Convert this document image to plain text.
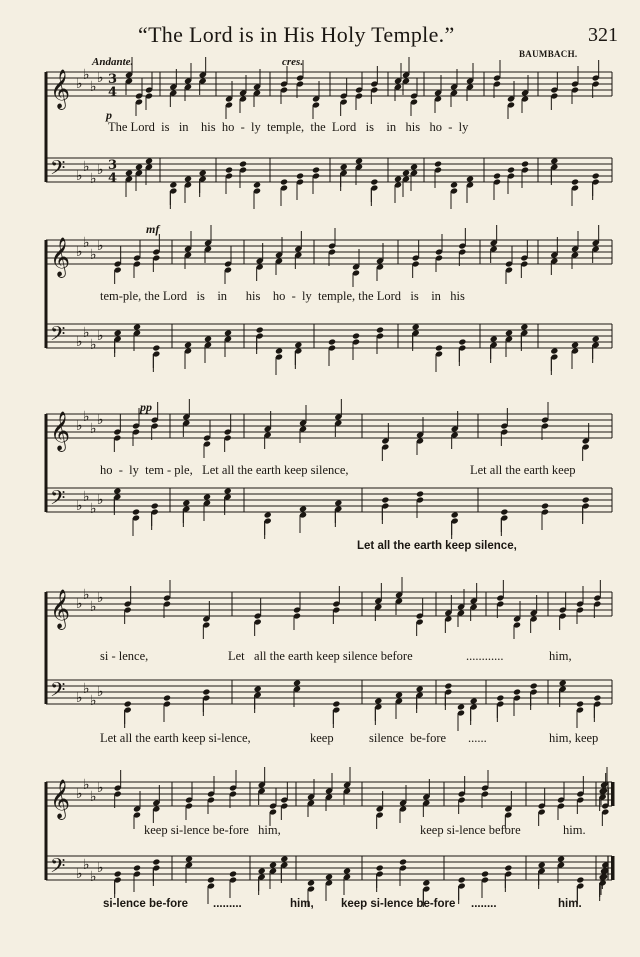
“The Lord is in His Holy Temple.”	321
BAUMBACH.
Andante.	cres.
p
mf
pp
The Lord  is   in    his  ho  -  ly  temple,  the  Lord   is    in   his   ho  -  ly
tem-ple, the Lord   is    in      his    ho  -  ly  temple, the Lord   is    in   his
ho  -  ly  tem - ple,   Let all the earth keep silence,	Let all the earth keep
Let all the earth keep silence,
si - lence,	Let   all the earth keep silence before	............	him,
Let all the earth keep si-lence,	keep	silence  be-fore ......	him, keep
keep si-lence be-fore   him,	keep si-lence before	him.
si-lence be-fore .........	him, keep si-lence be-fore ........	him.
𝄞 ♭
♭
♭
♭ 3
4
𝄢 ♭
♭
♭
♭ 3
4
𝄞 ♭
♭
♭
♭
𝄢 ♭
♭
♭
♭
𝄞 ♭
♭
♭
♭
𝄢 ♭
♭
♭
♭
𝄞 ♭
♭
♭
♭
𝄢 ♭
♭
♭
♭
𝄞 ♭
♭
♭
♭
𝄢 ♭
♭
♭
♭
